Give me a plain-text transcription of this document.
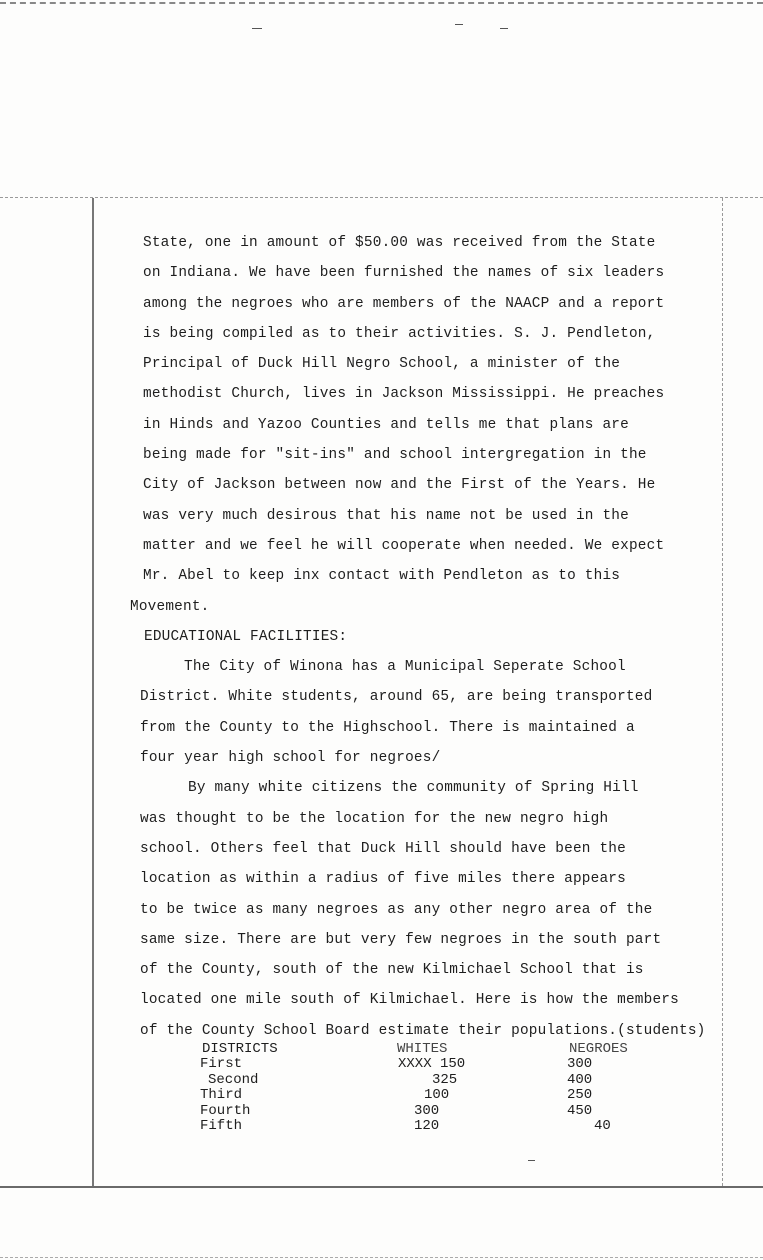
State, one in amount of $50.00 was received from the State
on Indiana. We have been furnished the names of six leaders
among the negroes who are members of the NAACP and a report
is being compiled as to their activities. S. J. Pendleton,
Principal of Duck Hill Negro School, a minister of the
methodist Church, lives in Jackson Mississippi. He preaches
in Hinds and Yazoo Counties and tells me that plans are
being made for "sit-ins" and school intergregation in the
City of Jackson between now and the First of the Years. He
was very much desirous that his name not be used in the
matter and we feel he will cooperate when needed. We expect
Mr. Abel to keep inx contact with Pendleton as to this
Movement.
EDUCATIONAL FACILITIES:
The City of Winona has a Municipal Seperate School
District. White students, around 65, are being transported
from the County to the Highschool. There is maintained a
four year high school for negroes/
By many white citizens the community of Spring Hill
was thought to be the location for the new negro high
school. Others feel that Duck Hill should have been the
location as within a radius of five miles there appears
to be twice as many negroes as any other negro area of the
same size. There are but very few negroes in the south part
of the County, south of the new Kilmichael School that is
located one mile south of Kilmichael. Here is how the members
of the County School Board estimate their populations.(students)
DISTRICTS	WHITES	NEGROES
First	XXXX 150	300
Second	325	400
Third	100	250
Fourth	300	450
Fifth	120	40
